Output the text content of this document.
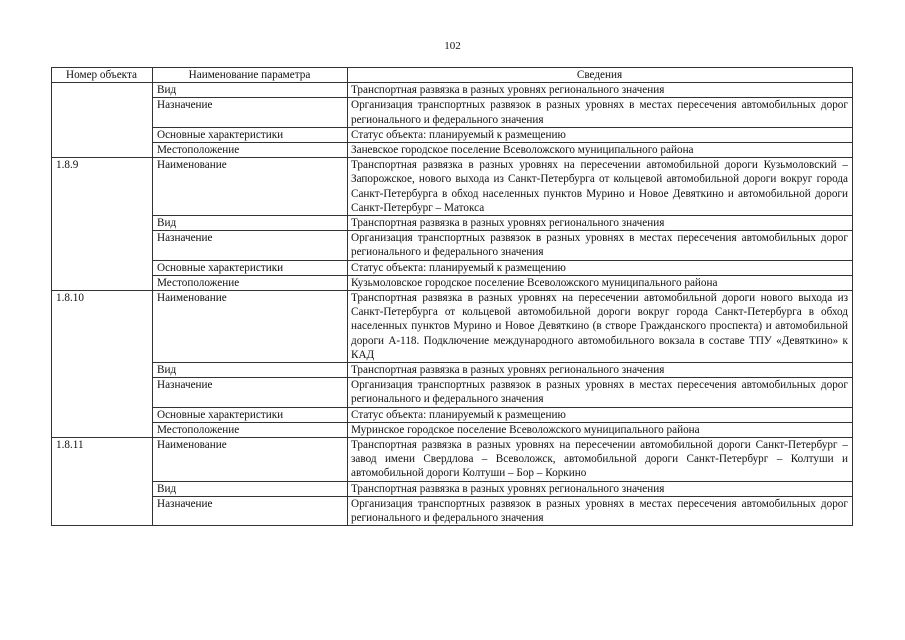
102
Номер объекта	Наименование параметра	Сведения
	Вид	Транспортная развязка в разных уровнях регионального значения
	Назначение	Организация транспортных развязок в разных уровнях в местах пересечения автомобильных дорог регионального и федерального значения
	Основные характеристики	Статус объекта: планируемый к размещению
	Местоположение	Заневское городское поселение Всеволожского муниципального района
1.8.9	Наименование	Транспортная развязка в разных уровнях на пересечении автомобильной дороги Кузьмоловский – Запорожское, нового выхода из Санкт-Петербурга от кольцевой автомобильной дороги вокруг города Санкт-Петербурга в обход населенных пунктов Мурино и Новое Девяткино и автомобильной дороги Санкт-Петербург – Матокса
	Вид	Транспортная развязка в разных уровнях регионального значения
	Назначение	Организация транспортных развязок в разных уровнях в местах пересечения автомобильных дорог регионального и федерального значения
	Основные характеристики	Статус объекта: планируемый к размещению
	Местоположение	Кузьмоловское городское поселение Всеволожского муниципального района
1.8.10	Наименование	Транспортная развязка в разных уровнях на пересечении автомобильной дороги нового выхода из Санкт-Петербурга от кольцевой автомобильной дороги вокруг города Санкт-Петербурга в обход населенных пунктов Мурино и Новое Девяткино (в створе Гражданского проспекта) и автомобильной дороги А-118. Подключение международного автомобильного вокзала в составе ТПУ «Девяткино» к КАД
	Вид	Транспортная развязка в разных уровнях регионального значения
	Назначение	Организация транспортных развязок в разных уровнях в местах пересечения автомобильных дорог регионального и федерального значения
	Основные характеристики	Статус объекта: планируемый к размещению
	Местоположение	Муринское городское поселение Всеволожского муниципального района
1.8.11	Наименование	Транспортная развязка в разных уровнях на пересечении автомобильной дороги Санкт-Петербург – завод имени Свердлова – Всеволожск, автомобильной дороги Санкт-Петербург – Колтуши и автомобильной дороги Колтуши – Бор – Коркино
	Вид	Транспортная развязка в разных уровнях регионального значения
	Назначение	Организация транспортных развязок в разных уровнях в местах пересечения автомобильных дорог регионального и федерального значения
